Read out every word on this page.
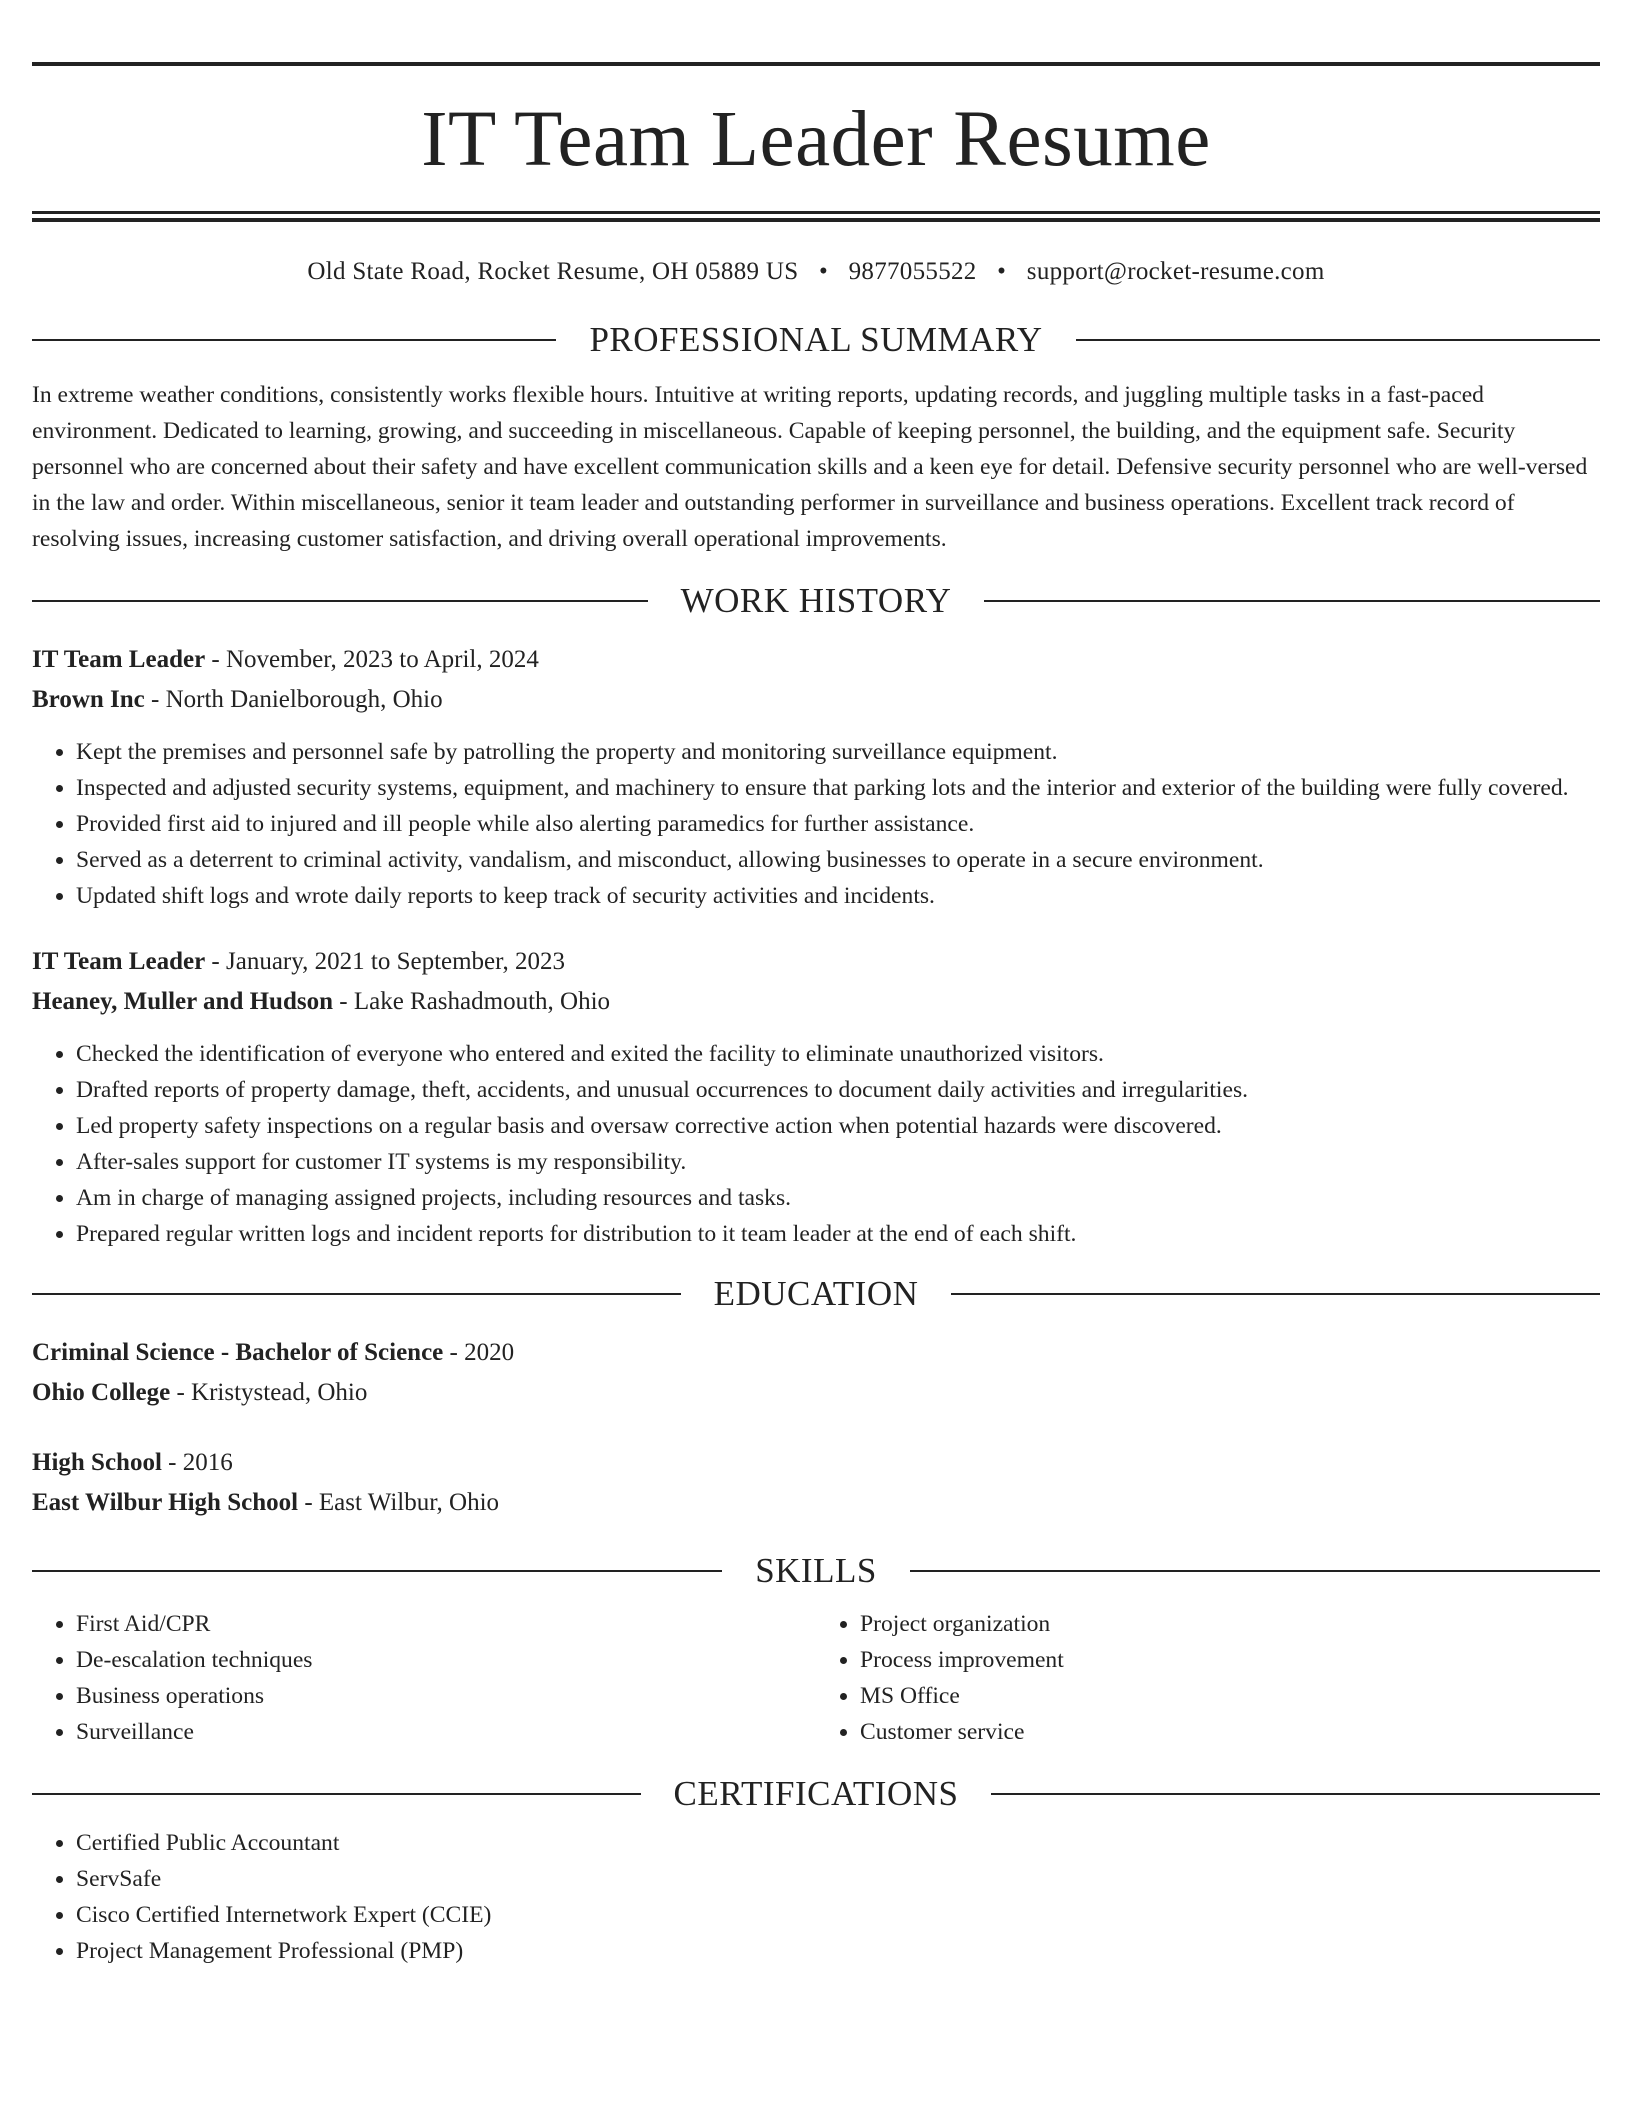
IT Team Leader Resume
Old State Road, Rocket Resume, OH 05889 US • 9877055522 • support@rocket-resume.com
PROFESSIONAL SUMMARY
In extreme weather conditions, consistently works flexible hours. Intuitive at writing reports, updating records, and juggling multiple tasks in a fast-paced environment. Dedicated to learning, growing, and succeeding in miscellaneous. Capable of keeping personnel, the building, and the equipment safe. Security personnel who are concerned about their safety and have excellent communication skills and a keen eye for detail. Defensive security personnel who are well-versed in the law and order. Within miscellaneous, senior it team leader and outstanding performer in surveillance and business operations. Excellent track record of resolving issues, increasing customer satisfaction, and driving overall operational improvements.
WORK HISTORY
IT Team Leader - November, 2023 to April, 2024
Brown Inc - North Danielborough, Ohio
• Kept the premises and personnel safe by patrolling the property and monitoring surveillance equipment.
• Inspected and adjusted security systems, equipment, and machinery to ensure that parking lots and the interior and exterior of the building were fully covered.
• Provided first aid to injured and ill people while also alerting paramedics for further assistance.
• Served as a deterrent to criminal activity, vandalism, and misconduct, allowing businesses to operate in a secure environment.
• Updated shift logs and wrote daily reports to keep track of security activities and incidents.
IT Team Leader - January, 2021 to September, 2023
Heaney, Muller and Hudson - Lake Rashadmouth, Ohio
• Checked the identification of everyone who entered and exited the facility to eliminate unauthorized visitors.
• Drafted reports of property damage, theft, accidents, and unusual occurrences to document daily activities and irregularities.
• Led property safety inspections on a regular basis and oversaw corrective action when potential hazards were discovered.
• After-sales support for customer IT systems is my responsibility.
• Am in charge of managing assigned projects, including resources and tasks.
• Prepared regular written logs and incident reports for distribution to it team leader at the end of each shift.
EDUCATION
Criminal Science - Bachelor of Science - 2020
Ohio College - Kristystead, Ohio
High School - 2016
East Wilbur High School - East Wilbur, Ohio
SKILLS
• First Aid/CPR
• De-escalation techniques
• Business operations
• Surveillance
• Project organization
• Process improvement
• MS Office
• Customer service
CERTIFICATIONS
• Certified Public Accountant
• ServSafe
• Cisco Certified Internetwork Expert (CCIE)
• Project Management Professional (PMP)
